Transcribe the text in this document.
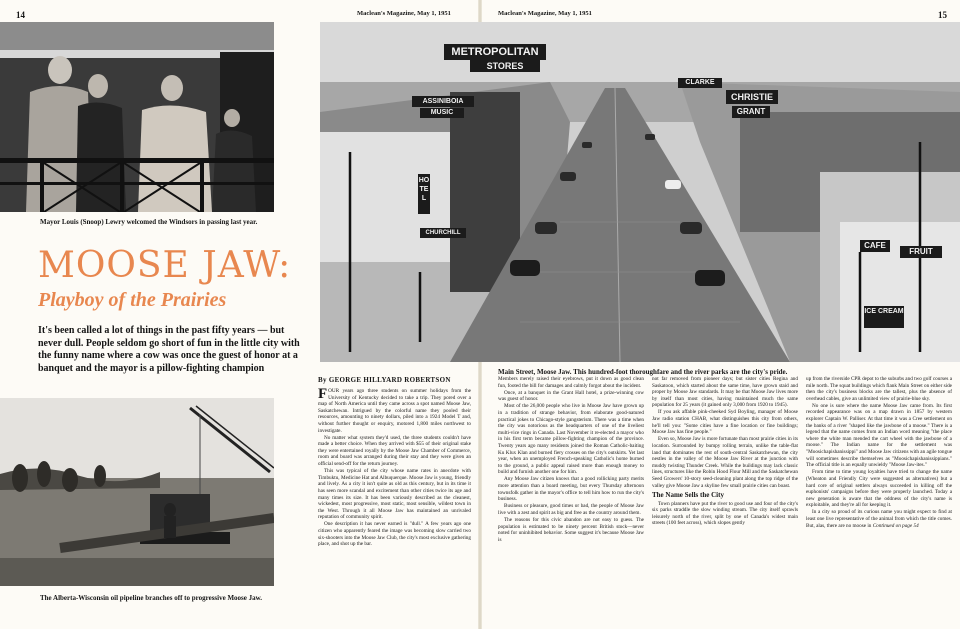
14	15
Maclean's Magazine, May 1, 1951	Maclean's Magazine, May 1, 1951
Mayor Louis (Snoop) Lewry welcomed the Windsors in passing last year.
MOOSE JAW:
Playboy of the Prairies
It's been called a lot of things in the past fifty years — but never dull. People seldom go short of fun in the little city with the funny name where a cow was once the guest of honor at a banquet and the mayor is a pillow-fighting champion
The Alberta-Wisconsin oil pipeline branches off to progressive Moose Jaw.
METROPOLITAN
STORES
ASSINIBOIA
MUSIC
HOTEL
CHURCHILL
CLARKE
CHRISTIE
GRANT
CAFE
FRUIT
ICE CREAM
Main Street, Moose Jaw. This hundred-foot thoroughfare and the river parks are the city's pride.
By GEORGE HILLYARD ROBERTSON

FOUR years ago three students on summer holidays from the University of Kentucky decided to take a trip. They pored over a map of North America until they came across a spot named Moose Jaw, Saskatchewan. Intrigued by the colorful name they pooled their resources, amounting to ninety dollars, piled into a 1924 Model T and, without further thought or enquiry, motored 1,800 miles northwest to investigate.

No matter what system they'd used, the three students couldn't have made a better choice. When they arrived with $55 of their original stake they were entertained royally by the Moose Jaw Chamber of Commerce, room and board was arranged during their stay and they were given an official send-off for the return journey.

This was typical of the city whose name rates in anecdote with Timbuktu, Medicine Hat and Albuquerque. Moose Jaw is young, friendly and lively. As a city it isn't quite as old as this century, but in its time it has seen more scandal and excitement than other cities twice its age and many times its size. It has been variously described as the cleanest, wickedest, most progressive, most static, most sensible, wildest town in the West. Through it all Moose Jaw has maintained an unrivaled reputation of community spirit.

One description it has never earned is "dull." A few years ago one citizen who apparently feared the image was becoming slow carried two six-shooters into the Moose Jaw Club, the city's most exclusive gathering place, and shot up the bar.

Members merely raised their eyebrows, put it down as good clean fun, footed the bill for damages and calmly forgot about the incident.

Once, at a banquet in the Grant Hall hotel, a prize-winning cow was guest of honor.

Most of the 26,000 people who live in Moose Jaw have grown up in a tradition of strange behavior, from elaborate good-natured practical jokes to Chicago-style gangsterism. There was a time when the city was notorious as the headquarters of one of the liveliest multi-vice rings in Canada. Last November it re-elected a mayor who in his first term became pillow-fighting champion of the province. Twenty years ago many residents joined the Roman Catholic-baiting Ku Klux Klan and burned fiery crosses on the city's outskirts. Yet last year, when an unemployed French-speaking Catholic's home burned to the ground, a public appeal raised more than enough money to build and furnish another one for him.

Any Moose Jaw citizen knows that a good rollicking party merits more attention than a board meeting, but every Thursday afternoon townsfolk gather in the mayor's office to tell him how to run the city's business.

Business or pleasure, good times or bad, the people of Moose Jaw live with a zest and spirit as big and free as the country around them.

The reasons for this civic abandon are not easy to guess. The population is estimated to be ninety percent British stock—never noted for uninhibited behavior. Some suggest it's because Moose Jaw is

not far removed from pioneer days; but sister cities Regina and Saskatoon, which started about the same time, have grown staid and proper by Moose Jaw standards. It may be that Moose Jaw lives more by itself than most cities, having maintained much the same population for 25 years (it gained only 3,000 from 1920 to 1945).

If you ask affable pink-cheeked Syd Boyling, manager of Moose Jaw radio station CHAB, what distinguishes this city from others, he'll tell you: "Some cities have a fine location or fine buildings; Moose Jaw has fine people."

Even so, Moose Jaw is more fortunate than most prairie cities in its location. Surrounded by bumpy rolling terrain, unlike the table-flat land that dominates the rest of south-central Saskatchewan, the city nestles in the valley of the Moose Jaw River at the junction with muddy twisting Thunder Creek. While the buildings may lack classic lines, structures like the Robin Hood Flour Mill and the Saskatchewan Seed Growers' 10-story seed-cleaning plant along the top ridge of the valley give Moose Jaw a skyline few small prairie cities can boast.

The Name Sells the City

Town planners have put the river to good use and four of the city's six parks straddle the slow winding stream. The city itself sprawls leisurely north of the river, split by one of Canada's widest main streets (100 feet across), which slopes gently

up from the riverside CPR depot to the suburbs and two golf courses a mile north. The squat buildings which flank Main Street on either side then the city's business blocks are the tallest, plus the absence of overhead cables, give an unlimited view of prairie-blue sky.

No one is sure where the name Moose Jaw came from. Its first recorded appearance was on a map drawn in 1857 by western explorer Captain W. Palliser. At that time it was a Cree settlement on the banks of a river "shaped like the jawbone of a moose." There is a legend that the name comes from an Indian word meaning "the place where the white man mended the cart wheel with the jawbone of a moose." The Indian name for the settlement was "Moosichapishanissippi" and Moose Jaw citizens with an agile tongue will sometimes describe themselves as "Moosichapishanissippians." The official title is an equally unwieldy "Moose Jaw-ites."

From time to time young loyalties have tried to change the name (Wheaton and Friendly City were suggested as alternatives) but a hard core of original settlers always succeeded in killing off the euphonists' campaigns before they were properly launched. Today a new generation is aware that the oddness of the city's name is exploitable, and they're all for keeping it.

In a city so proud of its curious name you might expect to find at least one live representative of the animal from which the title comes. But, alas, there are no moose in Continued on page 54
